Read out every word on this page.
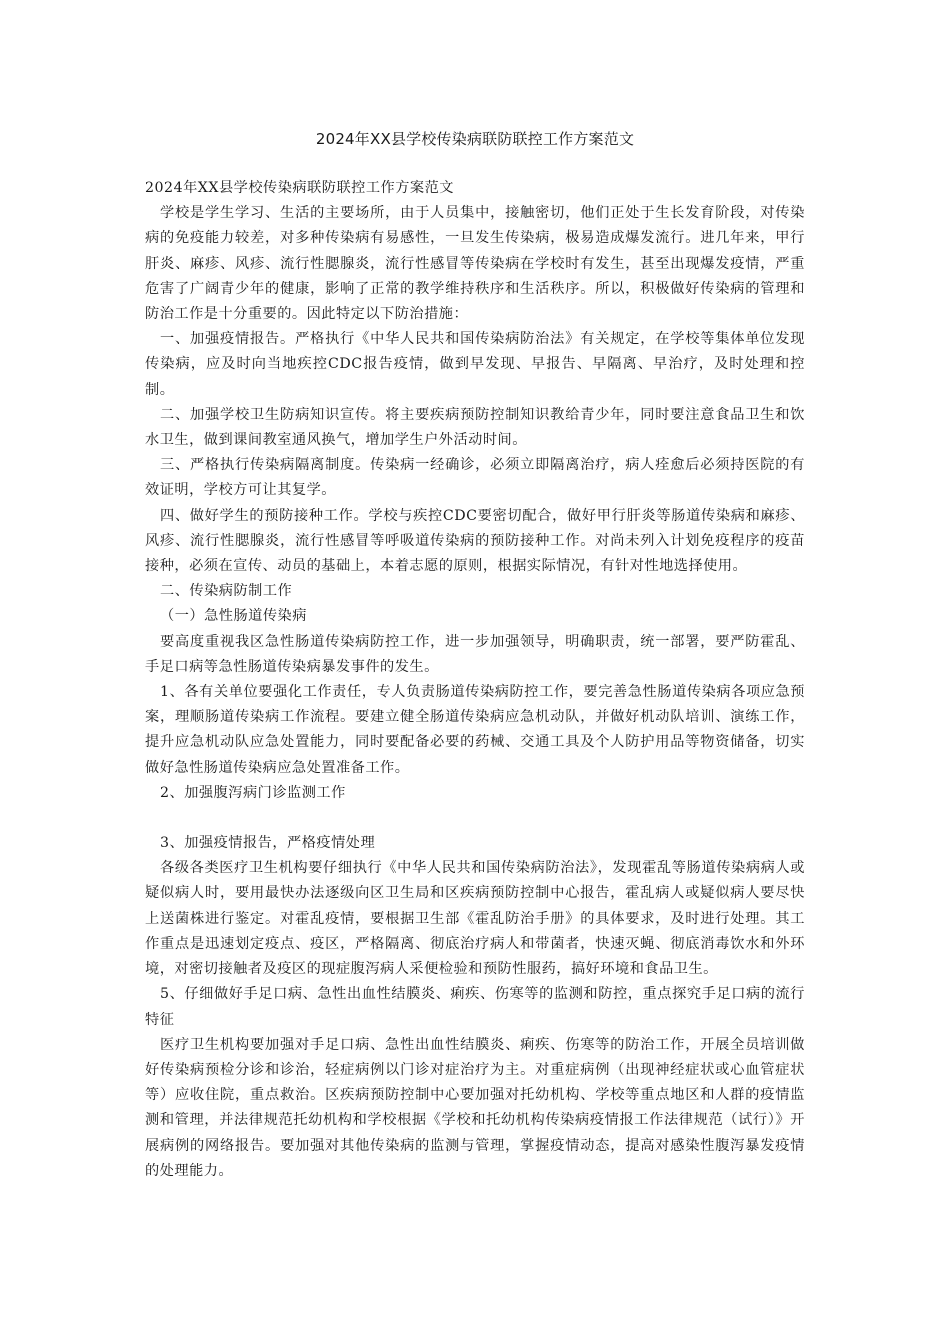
2024年XX县学校传染病联防联控工作方案范文

2024年XX县学校传染病联防联控工作方案范文

学校是学生学习、生活的主要场所，由于人员集中，接触密切，他们正处于生长发育阶段，对传染病的免疫能力较差，对多种传染病有易感性，一旦发生传染病，极易造成爆发流行。进几年来，甲行肝炎、麻疹、风疹、流行性腮腺炎，流行性感冒等传染病在学校时有发生，甚至出现爆发疫情，严重危害了广阔青少年的健康，影响了正常的教学维持秩序和生活秩序。所以，积极做好传染病的管理和防治工作是十分重要的。因此特定以下防治措施：

一、加强疫情报告。严格执行《中华人民共和国传染病防治法》有关规定，在学校等集体单位发现传染病，应及时向当地疾控CDC报告疫情，做到早发现、早报告、早隔离、早治疗，及时处理和控制。

二、加强学校卫生防病知识宣传。将主要疾病预防控制知识教给青少年，同时要注意食品卫生和饮水卫生，做到课间教室通风换气，增加学生户外活动时间。

三、严格执行传染病隔离制度。传染病一经确诊，必须立即隔离治疗，病人痊愈后必须持医院的有效证明，学校方可让其复学。

四、做好学生的预防接种工作。学校与疾控CDC要密切配合，做好甲行肝炎等肠道传染病和麻疹、风疹、流行性腮腺炎，流行性感冒等呼吸道传染病的预防接种工作。对尚未列入计划免疫程序的疫苗接种，必须在宣传、动员的基础上，本着志愿的原则，根据实际情况，有针对性地选择使用。

二、传染病防制工作

（一）急性肠道传染病

要高度重视我区急性肠道传染病防控工作，进一步加强领导，明确职责，统一部署，要严防霍乱、手足口病等急性肠道传染病暴发事件的发生。

1、各有关单位要强化工作责任，专人负责肠道传染病防控工作，要完善急性肠道传染病各项应急预案，理顺肠道传染病工作流程。要建立健全肠道传染病应急机动队，并做好机动队培训、演练工作，提升应急机动队应急处置能力，同时要配备必要的药械、交通工具及个人防护用品等物资储备，切实做好急性肠道传染病应急处置准备工作。

2、加强腹泻病门诊监测工作

3、加强疫情报告，严格疫情处理

各级各类医疗卫生机构要仔细执行《中华人民共和国传染病防治法》，发现霍乱等肠道传染病病人或疑似病人时，要用最快办法逐级向区卫生局和区疾病预防控制中心报告，霍乱病人或疑似病人要尽快上送菌株进行鉴定。对霍乱疫情，要根据卫生部《霍乱防治手册》的具体要求，及时进行处理。其工作重点是迅速划定疫点、疫区，严格隔离、彻底治疗病人和带菌者，快速灭蝇、彻底消毒饮水和外环境，对密切接触者及疫区的现症腹泻病人采便检验和预防性服药，搞好环境和食品卫生。

5、仔细做好手足口病、急性出血性结膜炎、痢疾、伤寒等的监测和防控，重点探究手足口病的流行特征

医疗卫生机构要加强对手足口病、急性出血性结膜炎、痢疾、伤寒等的防治工作，开展全员培训做好传染病预检分诊和诊治，轻症病例以门诊对症治疗为主。对重症病例（出现神经症状或心血管症状等）应收住院，重点救治。区疾病预防控制中心要加强对托幼机构、学校等重点地区和人群的疫情监测和管理，并法律规范托幼机构和学校根据《学校和托幼机构传染病疫情报工作法律规范（试行）》开展病例的网络报告。要加强对其他传染病的监测与管理，掌握疫情动态，提高对感染性腹泻暴发疫情的处理能力。
